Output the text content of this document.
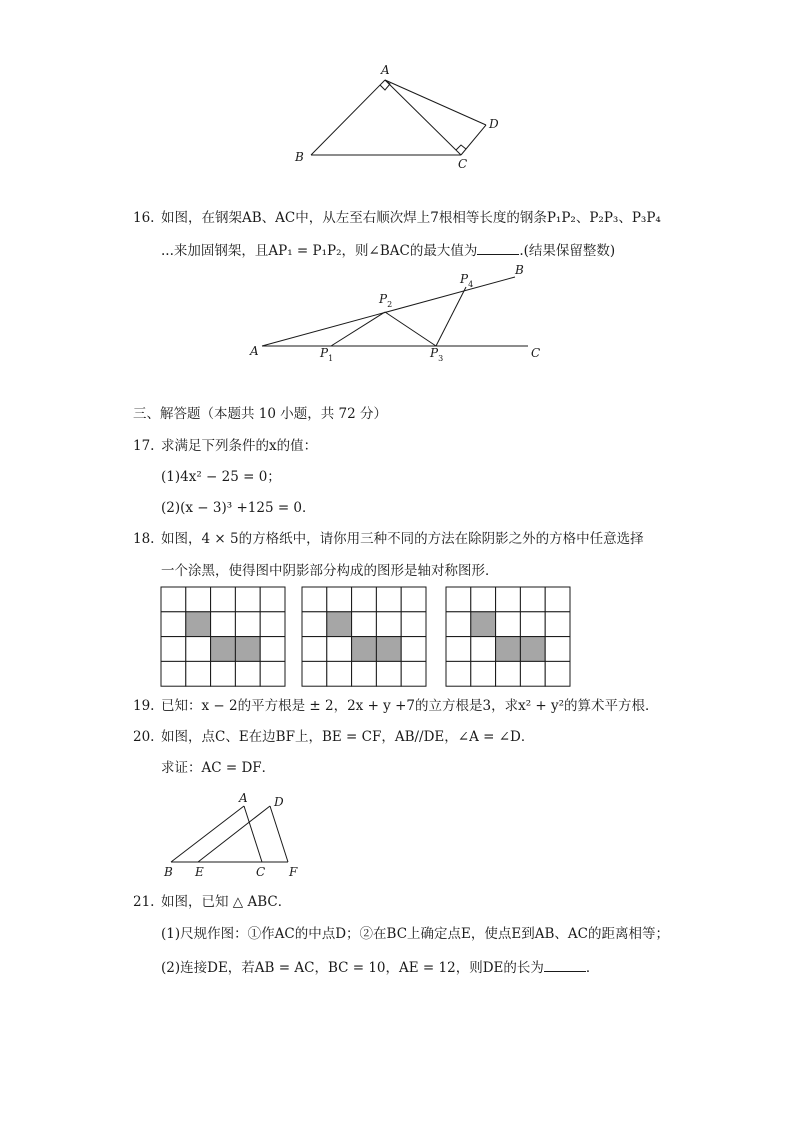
A
B	C
D
16. 如图，在钢架AB、AC中，从左至右顺次焊上7根相等长度的钢条P₁P₂、P₂P₃、P₃P₄
...来加固钢架，且AP₁ = P₁P₂，则∠BAC的最大值为	.(结果保留整数)
A
B
C
$P_1$
$P_2$
$P_3$
$P_4$
三、解答题（本题共 10 小题，共 72 分）
17. 求满足下列条件的x的值：
(1)4x² − 25 = 0；
(2)(x − 3)³ +125 = 0．
18. 如图，4 × 5的方格纸中，请你用三种不同的方法在除阴影之外的方格中任意选择
一个涂黑，使得图中阴影部分构成的图形是轴对称图形．
19. 已知：x − 2的平方根是 ± 2，2x + y +7的立方根是3，求x² + y²的算术平方根．
20. 如图，点C、E在边BF上，BE = CF，AB//DE，∠A = ∠D．
求证：AC = DF．
A D
B E	C F
21. 如图，已知 △ ABC．
(1)尺规作图：①作AC的中点D；②在BC上确定点E，使点E到AB、AC的距离相等；
(2)连接DE，若AB = AC，BC = 10，AE = 12，则DE的长为	．
